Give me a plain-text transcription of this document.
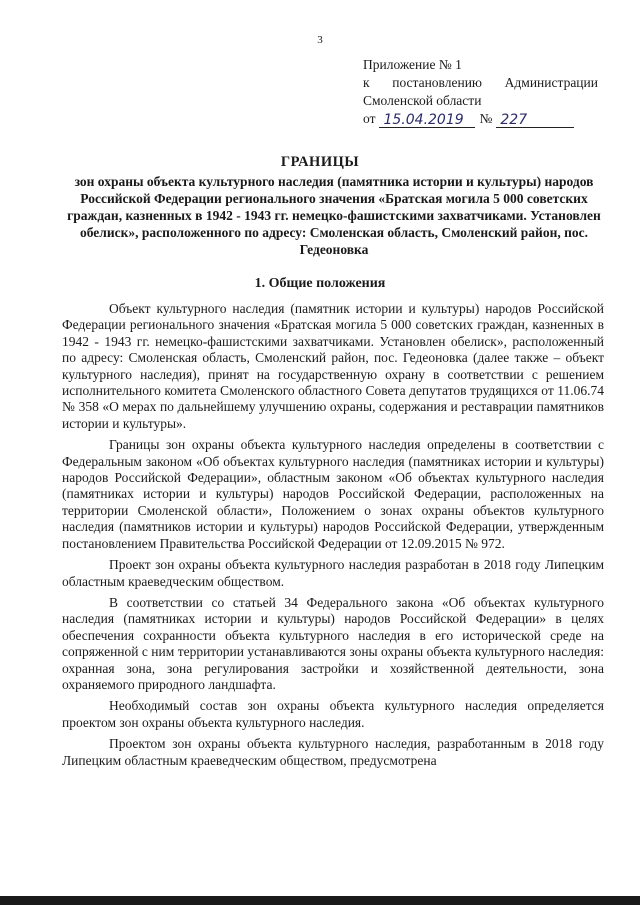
3
Приложение № 1
к постановлению Администрации
Смоленской области
от 15.04.2019	№ 227
ГРАНИЦЫ
зон охраны объекта культурного наследия (памятника истории и культуры) народов Российской Федерации регионального значения «Братская могила 5 000 советских граждан, казненных в 1942 - 1943 гг. немецко-фашистскими захватчиками. Установлен обелиск», расположенного по адресу: Смоленская область, Смоленский район, пос. Гедеоновка
1. Общие положения

Объект культурного наследия (памятник истории и культуры) народов Российской Федерации регионального значения «Братская могила 5 000 советских граждан, казненных в 1942 - 1943 гг. немецко-фашистскими захватчиками. Установлен обелиск», расположенный по адресу: Смоленская область, Смоленский район, пос. Гедеоновка (далее также – объект культурного наследия), принят на государственную охрану в соответствии с решением исполнительного комитета Смоленского областного Совета депутатов трудящихся от 11.06.74 № 358 «О мерах по дальнейшему улучшению охраны, содержания и реставрации памятников истории и культуры».

Границы зон охраны объекта культурного наследия определены в соответствии с Федеральным законом «Об объектах культурного наследия (памятниках истории и культуры) народов Российской Федерации», областным законом «Об объектах культурного наследия (памятниках истории и культуры) народов Российской Федерации, расположенных на территории Смоленской области», Положением о зонах охраны объектов культурного наследия (памятников истории и культуры) народов Российской Федерации, утвержденным постановлением Правительства Российской Федерации от 12.09.2015 № 972.

Проект зон охраны объекта культурного наследия разработан в 2018 году Липецким областным краеведческим обществом.

В соответствии со статьей 34 Федерального закона «Об объектах культурного наследия (памятниках истории и культуры) народов Российской Федерации» в целях обеспечения сохранности объекта культурного наследия в его исторической среде на сопряженной с ним территории устанавливаются зоны охраны объекта культурного наследия: охранная зона, зона регулирования застройки и хозяйственной деятельности, зона охраняемого природного ландшафта.

Необходимый состав зон охраны объекта культурного наследия определяется проектом зон охраны объекта культурного наследия.

Проектом зон охраны объекта культурного наследия, разработанным в 2018 году Липецким областным краеведческим обществом, предусмотрена
